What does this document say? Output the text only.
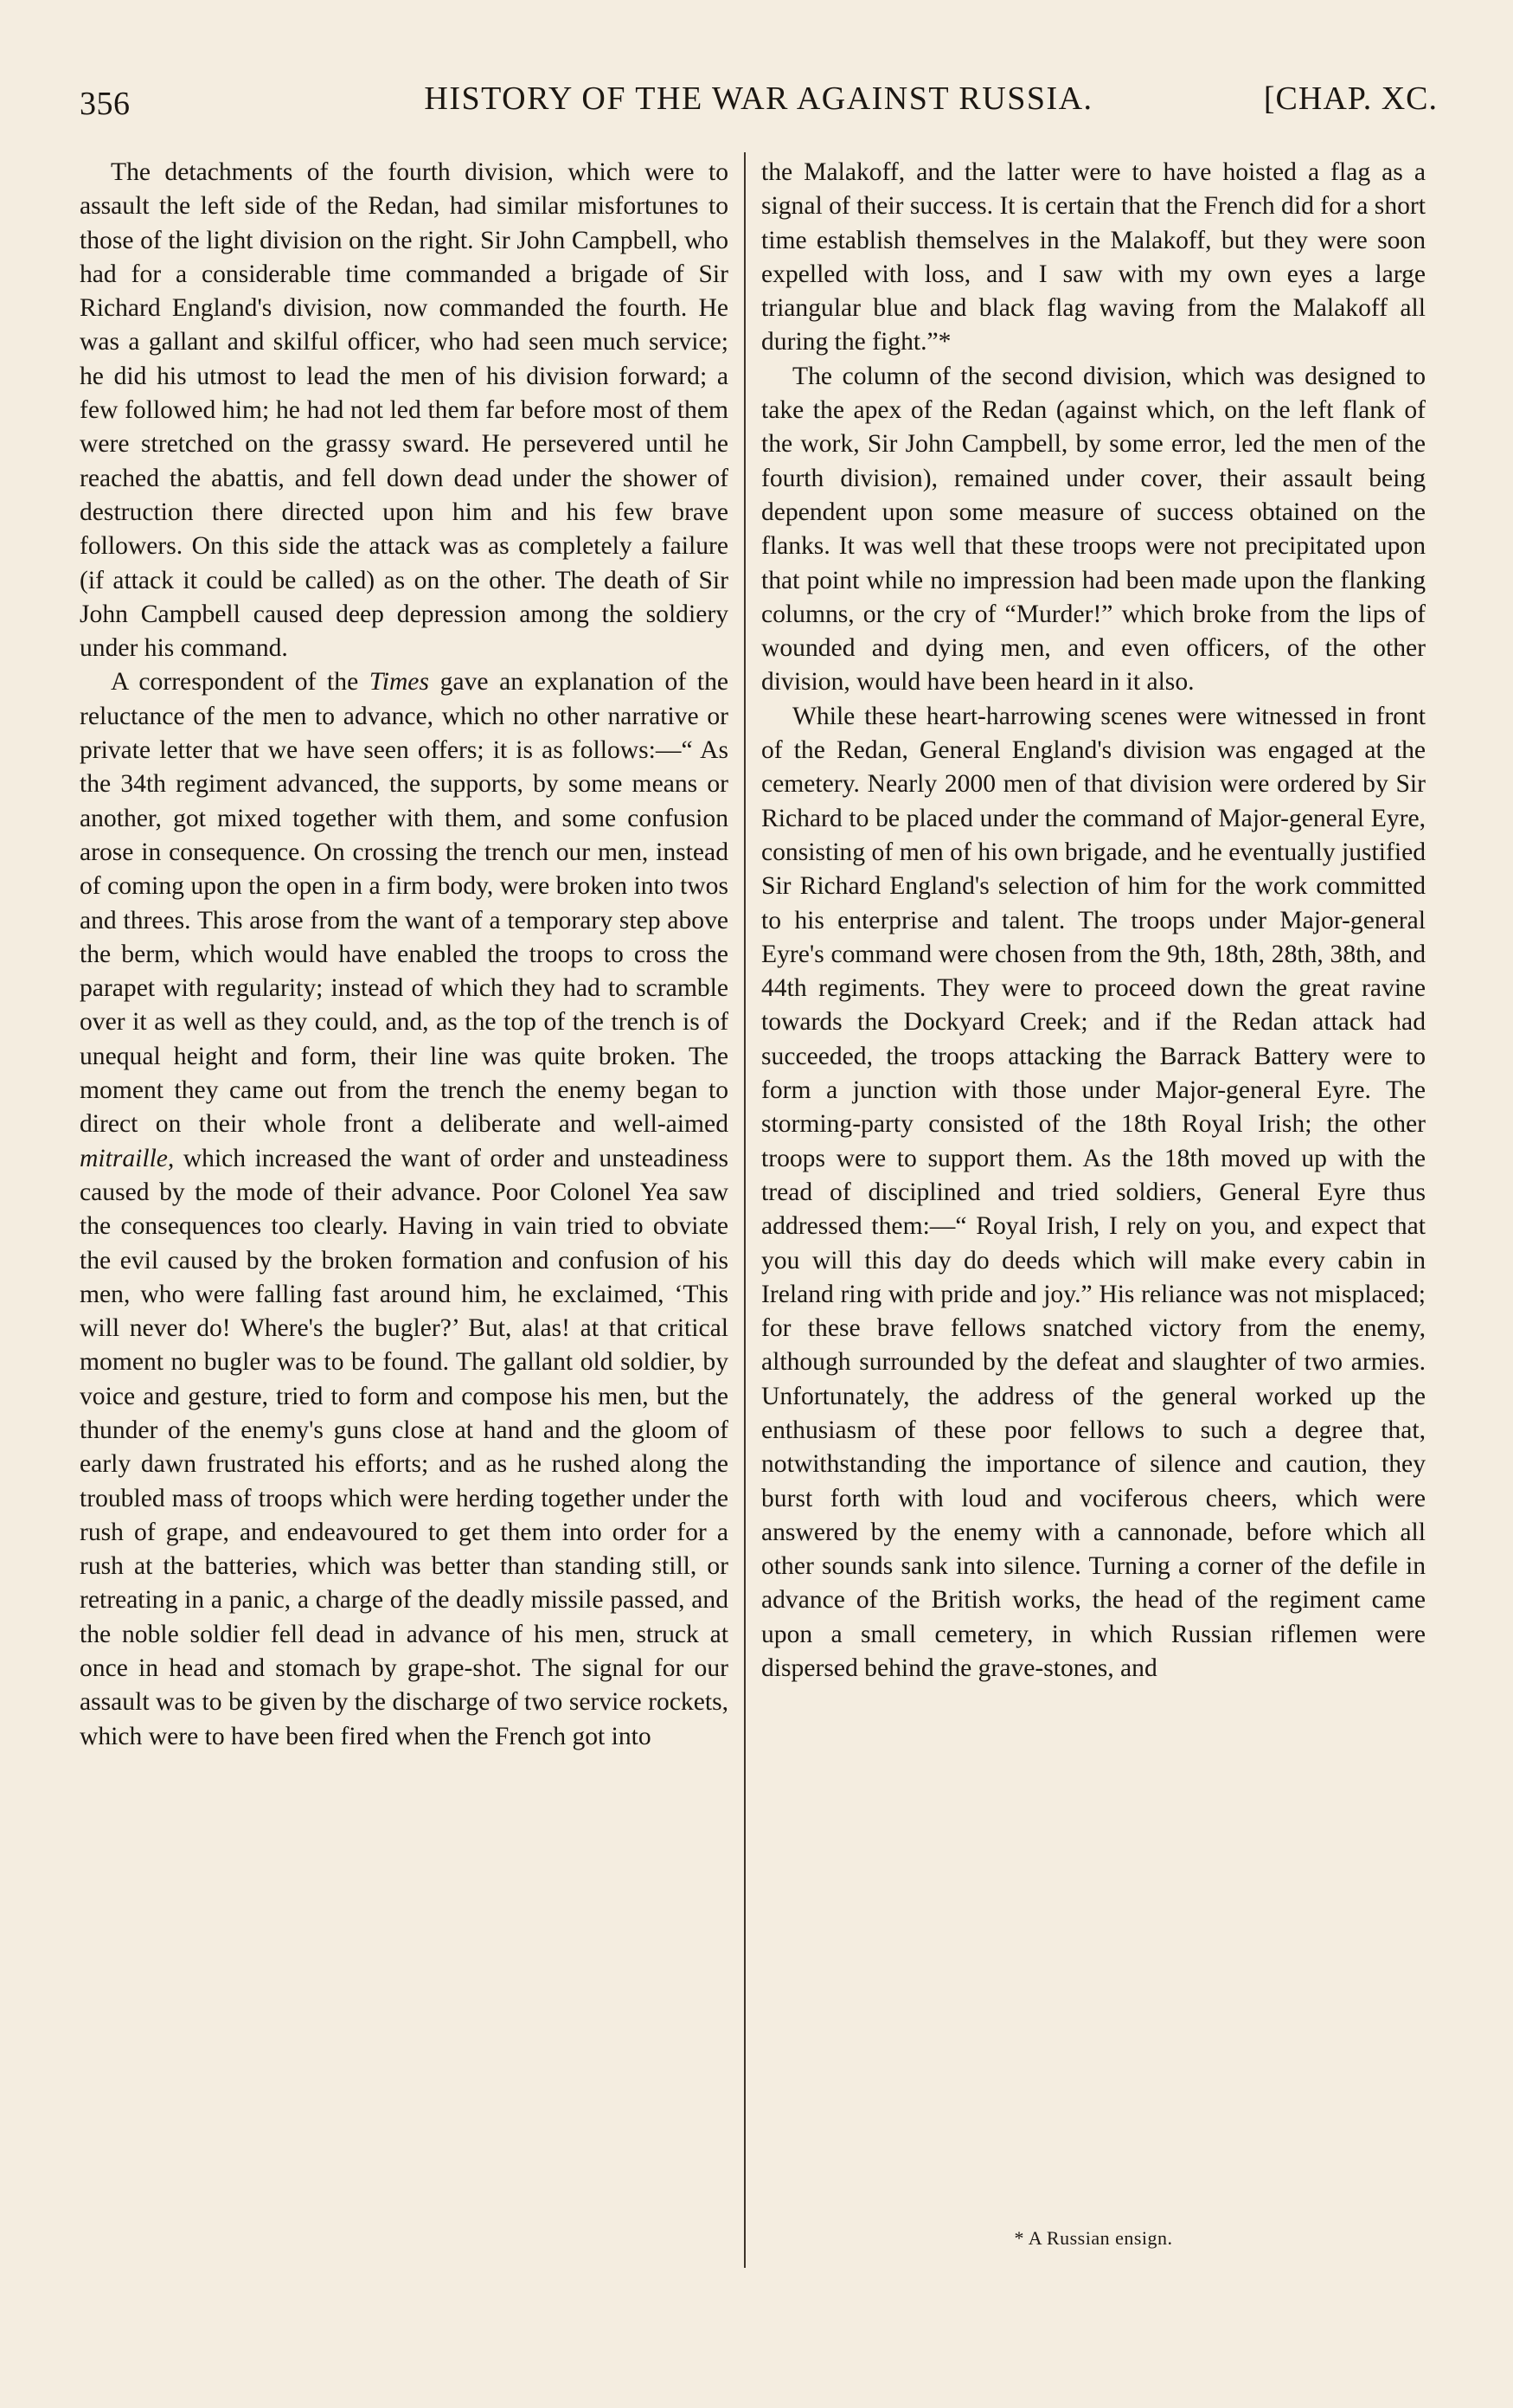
356	HISTORY OF THE WAR AGAINST RUSSIA.	[CHAP. XC.

The detachments of the fourth division, which were to assault the left side of the Redan, had similar misfortunes to those of the light division on the right. Sir John Campbell, who had for a considerable time commanded a brigade of Sir Richard England's division, now commanded the fourth. He was a gallant and skilful officer, who had seen much service; he did his utmost to lead the men of his division forward; a few followed him; he had not led them far before most of them were stretched on the grassy sward. He persevered until he reached the abattis, and fell down dead under the shower of destruction there directed upon him and his few brave followers. On this side the attack was as completely a failure (if attack it could be called) as on the other. The death of Sir John Campbell caused deep depression among the soldiery under his command.

A correspondent of the Times gave an explanation of the reluctance of the men to advance, which no other narrative or private letter that we have seen offers; it is as follows:—“ As the 34th regiment advanced, the supports, by some means or another, got mixed together with them, and some confusion arose in consequence. On crossing the trench our men, instead of coming upon the open in a firm body, were broken into twos and threes. This arose from the want of a temporary step above the berm, which would have enabled the troops to cross the parapet with regularity; instead of which they had to scramble over it as well as they could, and, as the top of the trench is of unequal height and form, their line was quite broken. The moment they came out from the trench the enemy began to direct on their whole front a deliberate and well-aimed mitraille, which increased the want of order and unsteadiness caused by the mode of their advance. Poor Colonel Yea saw the consequences too clearly. Having in vain tried to obviate the evil caused by the broken formation and confusion of his men, who were falling fast around him, he exclaimed, ‘This will never do! Where's the bugler?’ But, alas! at that critical moment no bugler was to be found. The gallant old soldier, by voice and gesture, tried to form and compose his men, but the thunder of the enemy's guns close at hand and the gloom of early dawn frustrated his efforts; and as he rushed along the troubled mass of troops which were herding together under the rush of grape, and endeavoured to get them into order for a rush at the batteries, which was better than standing still, or retreating in a panic, a charge of the deadly missile passed, and the noble soldier fell dead in advance of his men, struck at once in head and stomach by grape-shot. The signal for our assault was to be given by the discharge of two service rockets, which were to have been fired when the French got into

the Malakoff, and the latter were to have hoisted a flag as a signal of their success. It is certain that the French did for a short time establish themselves in the Malakoff, but they were soon expelled with loss, and I saw with my own eyes a large triangular blue and black flag waving from the Malakoff all during the fight.”*

The column of the second division, which was designed to take the apex of the Redan (against which, on the left flank of the work, Sir John Campbell, by some error, led the men of the fourth division), remained under cover, their assault being dependent upon some measure of success obtained on the flanks. It was well that these troops were not precipitated upon that point while no impression had been made upon the flanking columns, or the cry of “Murder!” which broke from the lips of wounded and dying men, and even officers, of the other division, would have been heard in it also.

While these heart-harrowing scenes were witnessed in front of the Redan, General England's division was engaged at the cemetery. Nearly 2000 men of that division were ordered by Sir Richard to be placed under the command of Major-general Eyre, consisting of men of his own brigade, and he eventually justified Sir Richard England's selection of him for the work committed to his enterprise and talent. The troops under Major-general Eyre's command were chosen from the 9th, 18th, 28th, 38th, and 44th regiments. They were to proceed down the great ravine towards the Dockyard Creek; and if the Redan attack had succeeded, the troops attacking the Barrack Battery were to form a junction with those under Major-general Eyre. The storming-party consisted of the 18th Royal Irish; the other troops were to support them. As the 18th moved up with the tread of disciplined and tried soldiers, General Eyre thus addressed them:—“ Royal Irish, I rely on you, and expect that you will this day do deeds which will make every cabin in Ireland ring with pride and joy.” His reliance was not misplaced; for these brave fellows snatched victory from the enemy, although surrounded by the defeat and slaughter of two armies. Unfortunately, the address of the general worked up the enthusiasm of these poor fellows to such a degree that, notwithstanding the importance of silence and caution, they burst forth with loud and vociferous cheers, which were answered by the enemy with a cannonade, before which all other sounds sank into silence. Turning a corner of the defile in advance of the British works, the head of the regiment came upon a small cemetery, in which Russian riflemen were dispersed behind the grave-stones, and

* A Russian ensign.
